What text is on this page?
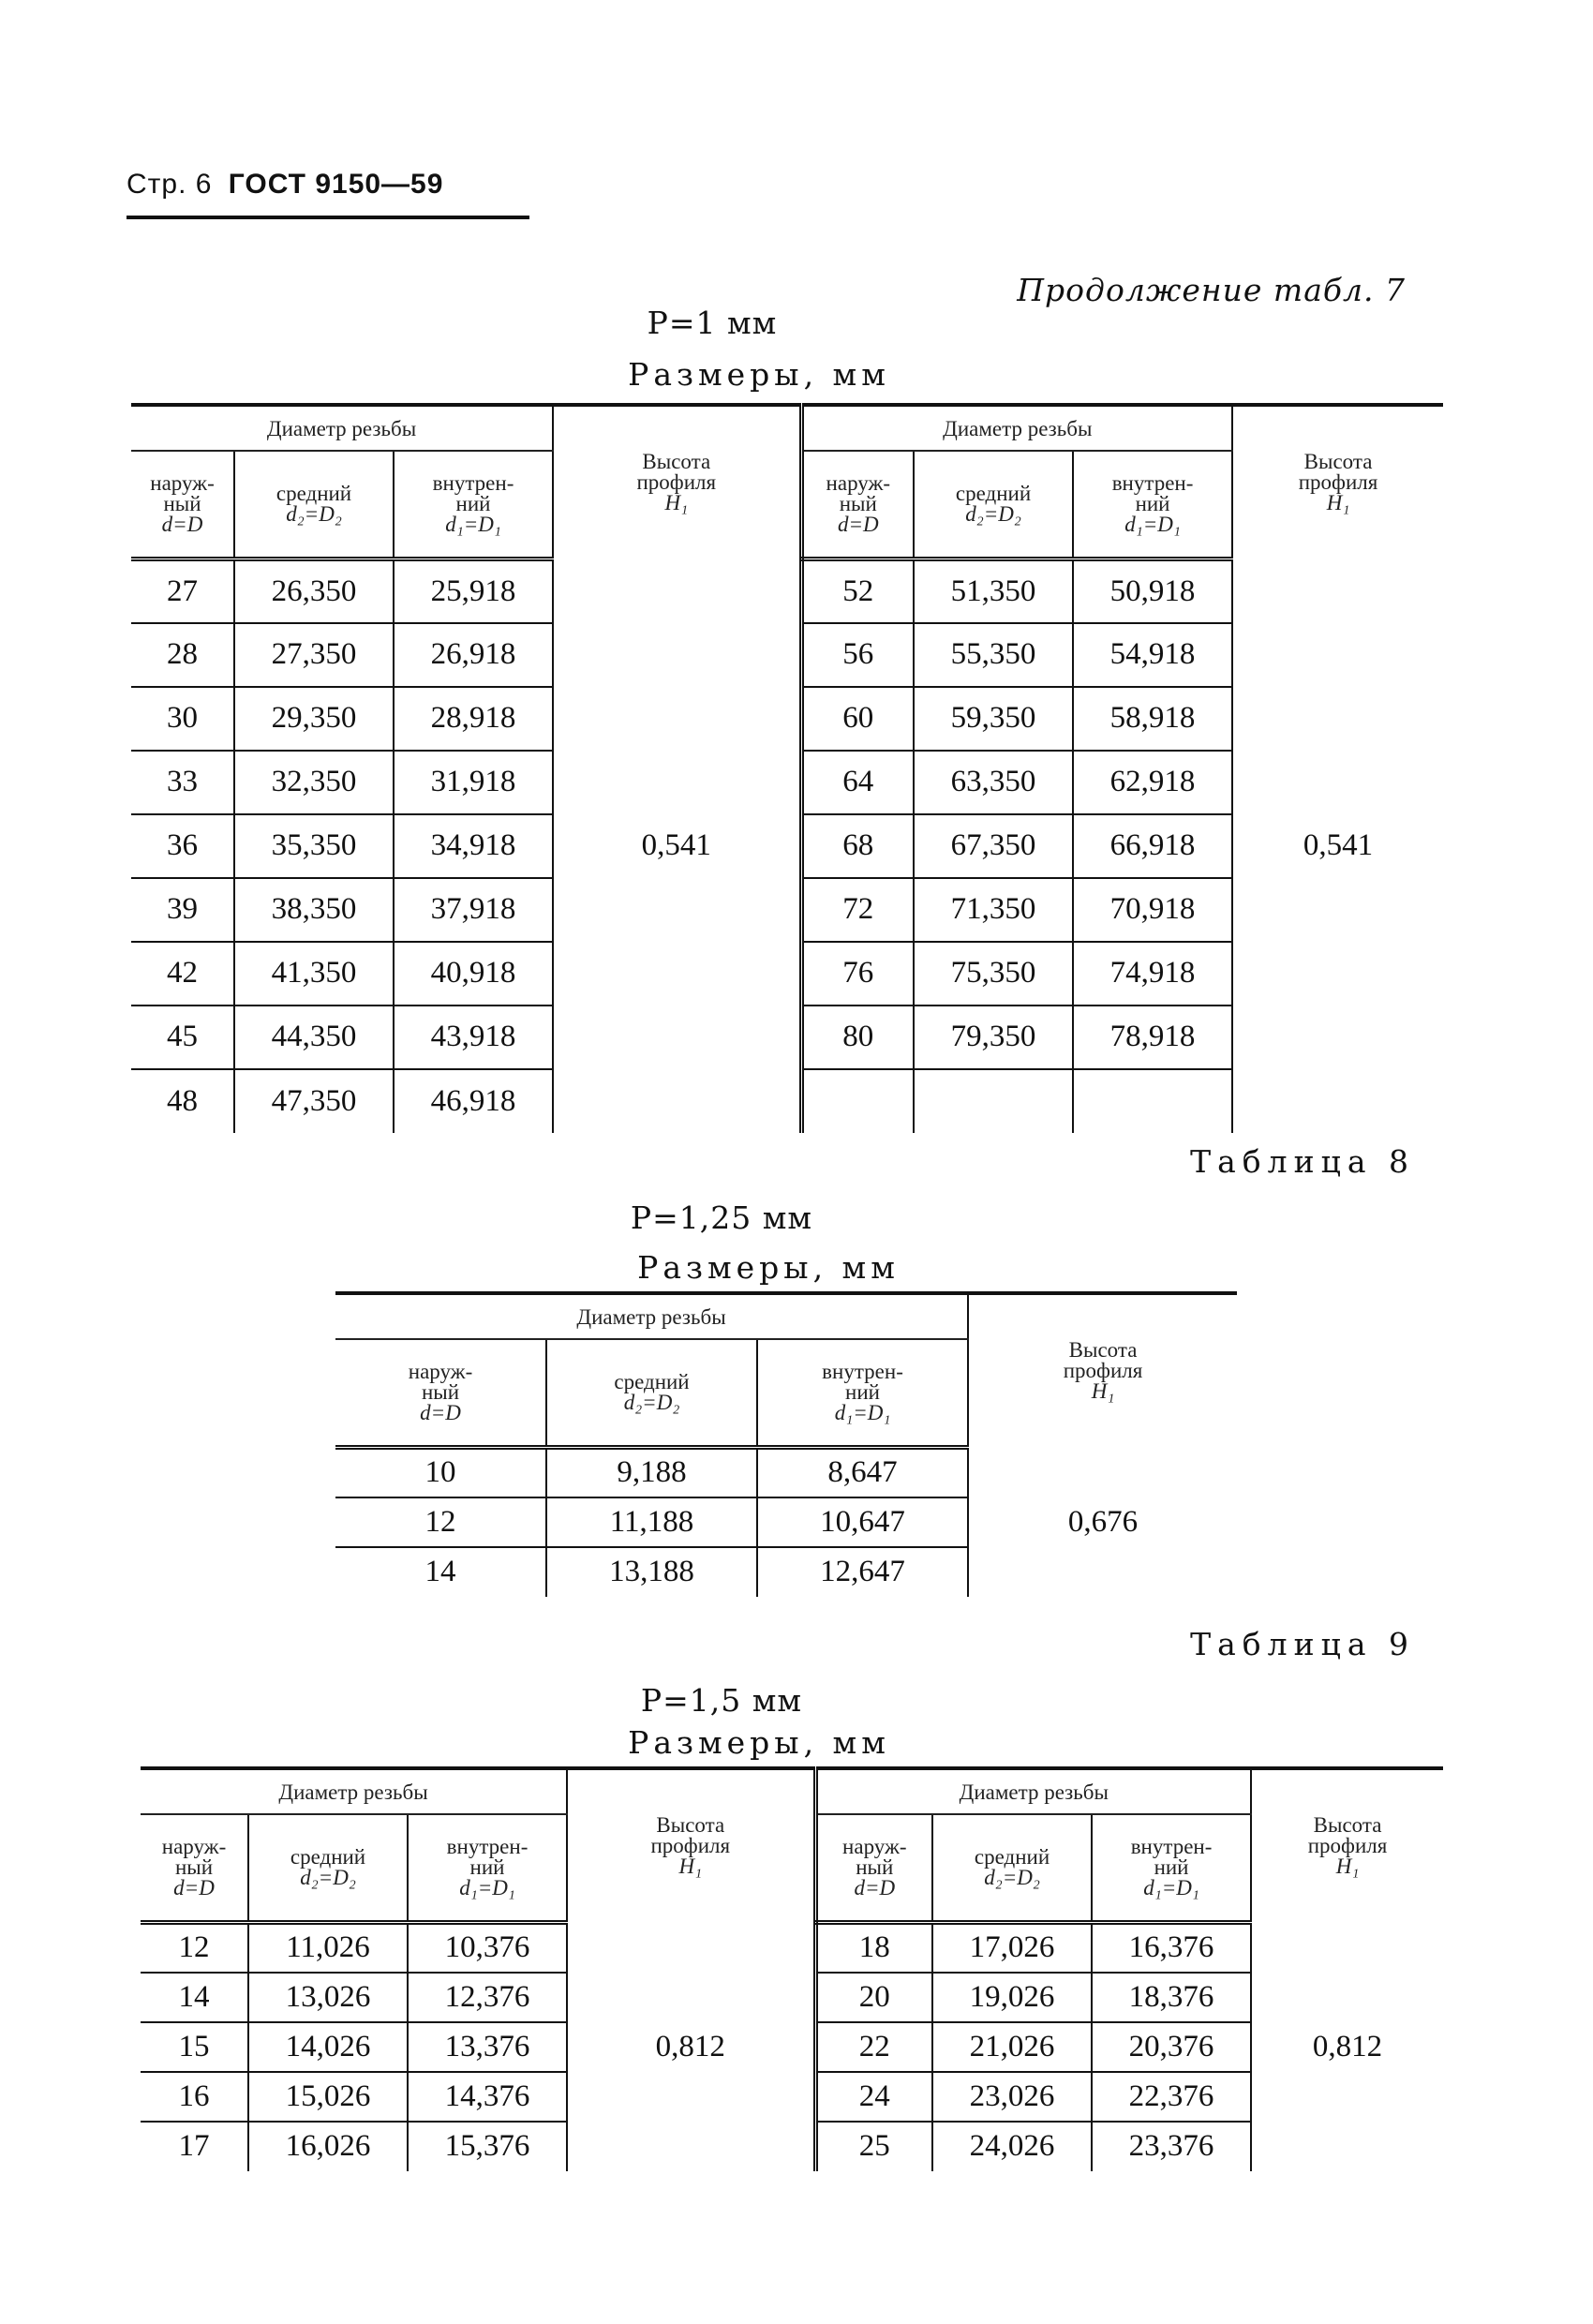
Стр. 6 ГОСТ 9150—59
Продолжение табл. 7
P=1 мм
Размеры, мм
Диаметр резьбы			Высота
профиля
H₁	Диаметр резьбы			Высота
профиля
H₁
наруж-
ный
d=D	средний
d₂=D₂	внутрен-
ний
d₁=D₁		наруж-
ный
d=D	средний
d₂=D₂	внутрен-
ний
d₁=D₁	
27	26,350	25,918	0,541	52	51,350	50,918	0,541
28	27,350	26,918		56	55,350	54,918	
30	29,350	28,918		60	59,350	58,918	
33	32,350	31,918		64	63,350	62,918	
36	35,350	34,918		68	67,350	66,918	
39	38,350	37,918		72	71,350	70,918	
42	41,350	40,918		76	75,350	74,918	
45	44,350	43,918		80	79,350	78,918	
48	47,350	46,918					
Таблица 8
P=1,25 мм
Размеры, мм
Диаметр резьбы			Высота
профиля
H₁
наруж-
ный
d=D	средний
d₂=D₂	внутрен-
ний
d₁=D₁	
10	9,188	8,647	0,676
12	11,188	10,647	
14	13,188	12,647	
Таблица 9
P=1,5 мм
Размеры, мм
Диаметр резьбы			Высота
профиля
H₁	Диаметр резьбы			Высота
профиля
H₁
наруж-
ный
d=D	средний
d₂=D₂	внутрен-
ний
d₁=D₁		наруж-
ный
d=D	средний
d₂=D₂	внутрен-
ний
d₁=D₁	
12	11,026	10,376	0,812	18	17,026	16,376	0,812
14	13,026	12,376		20	19,026	18,376	
15	14,026	13,376		22	21,026	20,376	
16	15,026	14,376		24	23,026	22,376	
17	16,026	15,376		25	24,026	23,376	
